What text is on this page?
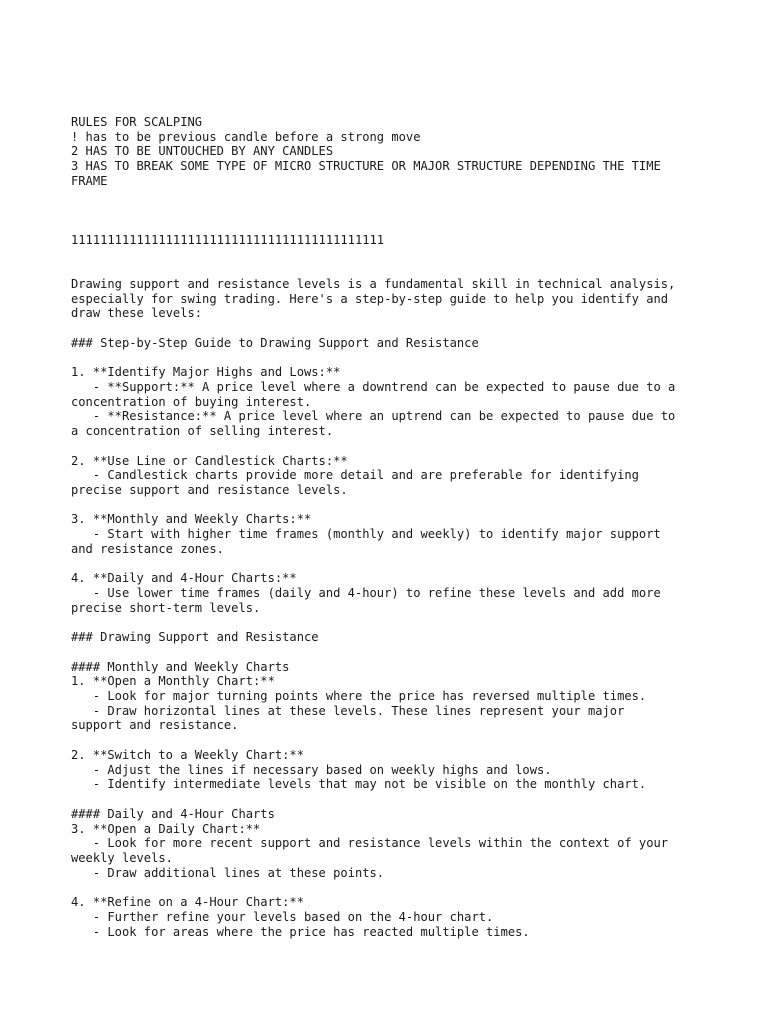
RULES FOR SCALPING
! has to be previous candle before a strong move
2 HAS TO BE UNTOUCHED BY ANY CANDLES
3 HAS TO BREAK SOME TYPE OF MICRO STRUCTURE OR MAJOR STRUCTURE DEPENDING THE TIME
FRAME
1111111111111111111111111111111111111111111
Drawing support and resistance levels is a fundamental skill in technical analysis,
especially for swing trading. Here's a step-by-step guide to help you identify and
draw these levels:
### Step-by-Step Guide to Drawing Support and Resistance
1. **Identify Major Highs and Lows:**
- **Support:** A price level where a downtrend can be expected to pause due to a
concentration of buying interest.
- **Resistance:** A price level where an uptrend can be expected to pause due to
a concentration of selling interest.
2. **Use Line or Candlestick Charts:**
- Candlestick charts provide more detail and are preferable for identifying
precise support and resistance levels.
3. **Monthly and Weekly Charts:**
- Start with higher time frames (monthly and weekly) to identify major support
and resistance zones.
4. **Daily and 4-Hour Charts:**
- Use lower time frames (daily and 4-hour) to refine these levels and add more
precise short-term levels.
### Drawing Support and Resistance
#### Monthly and Weekly Charts
1. **Open a Monthly Chart:**
- Look for major turning points where the price has reversed multiple times.
- Draw horizontal lines at these levels. These lines represent your major
support and resistance.
2. **Switch to a Weekly Chart:**
- Adjust the lines if necessary based on weekly highs and lows.
- Identify intermediate levels that may not be visible on the monthly chart.
#### Daily and 4-Hour Charts
3. **Open a Daily Chart:**
- Look for more recent support and resistance levels within the context of your
weekly levels.
- Draw additional lines at these points.
4. **Refine on a 4-Hour Chart:**
- Further refine your levels based on the 4-hour chart.
- Look for areas where the price has reacted multiple times.
